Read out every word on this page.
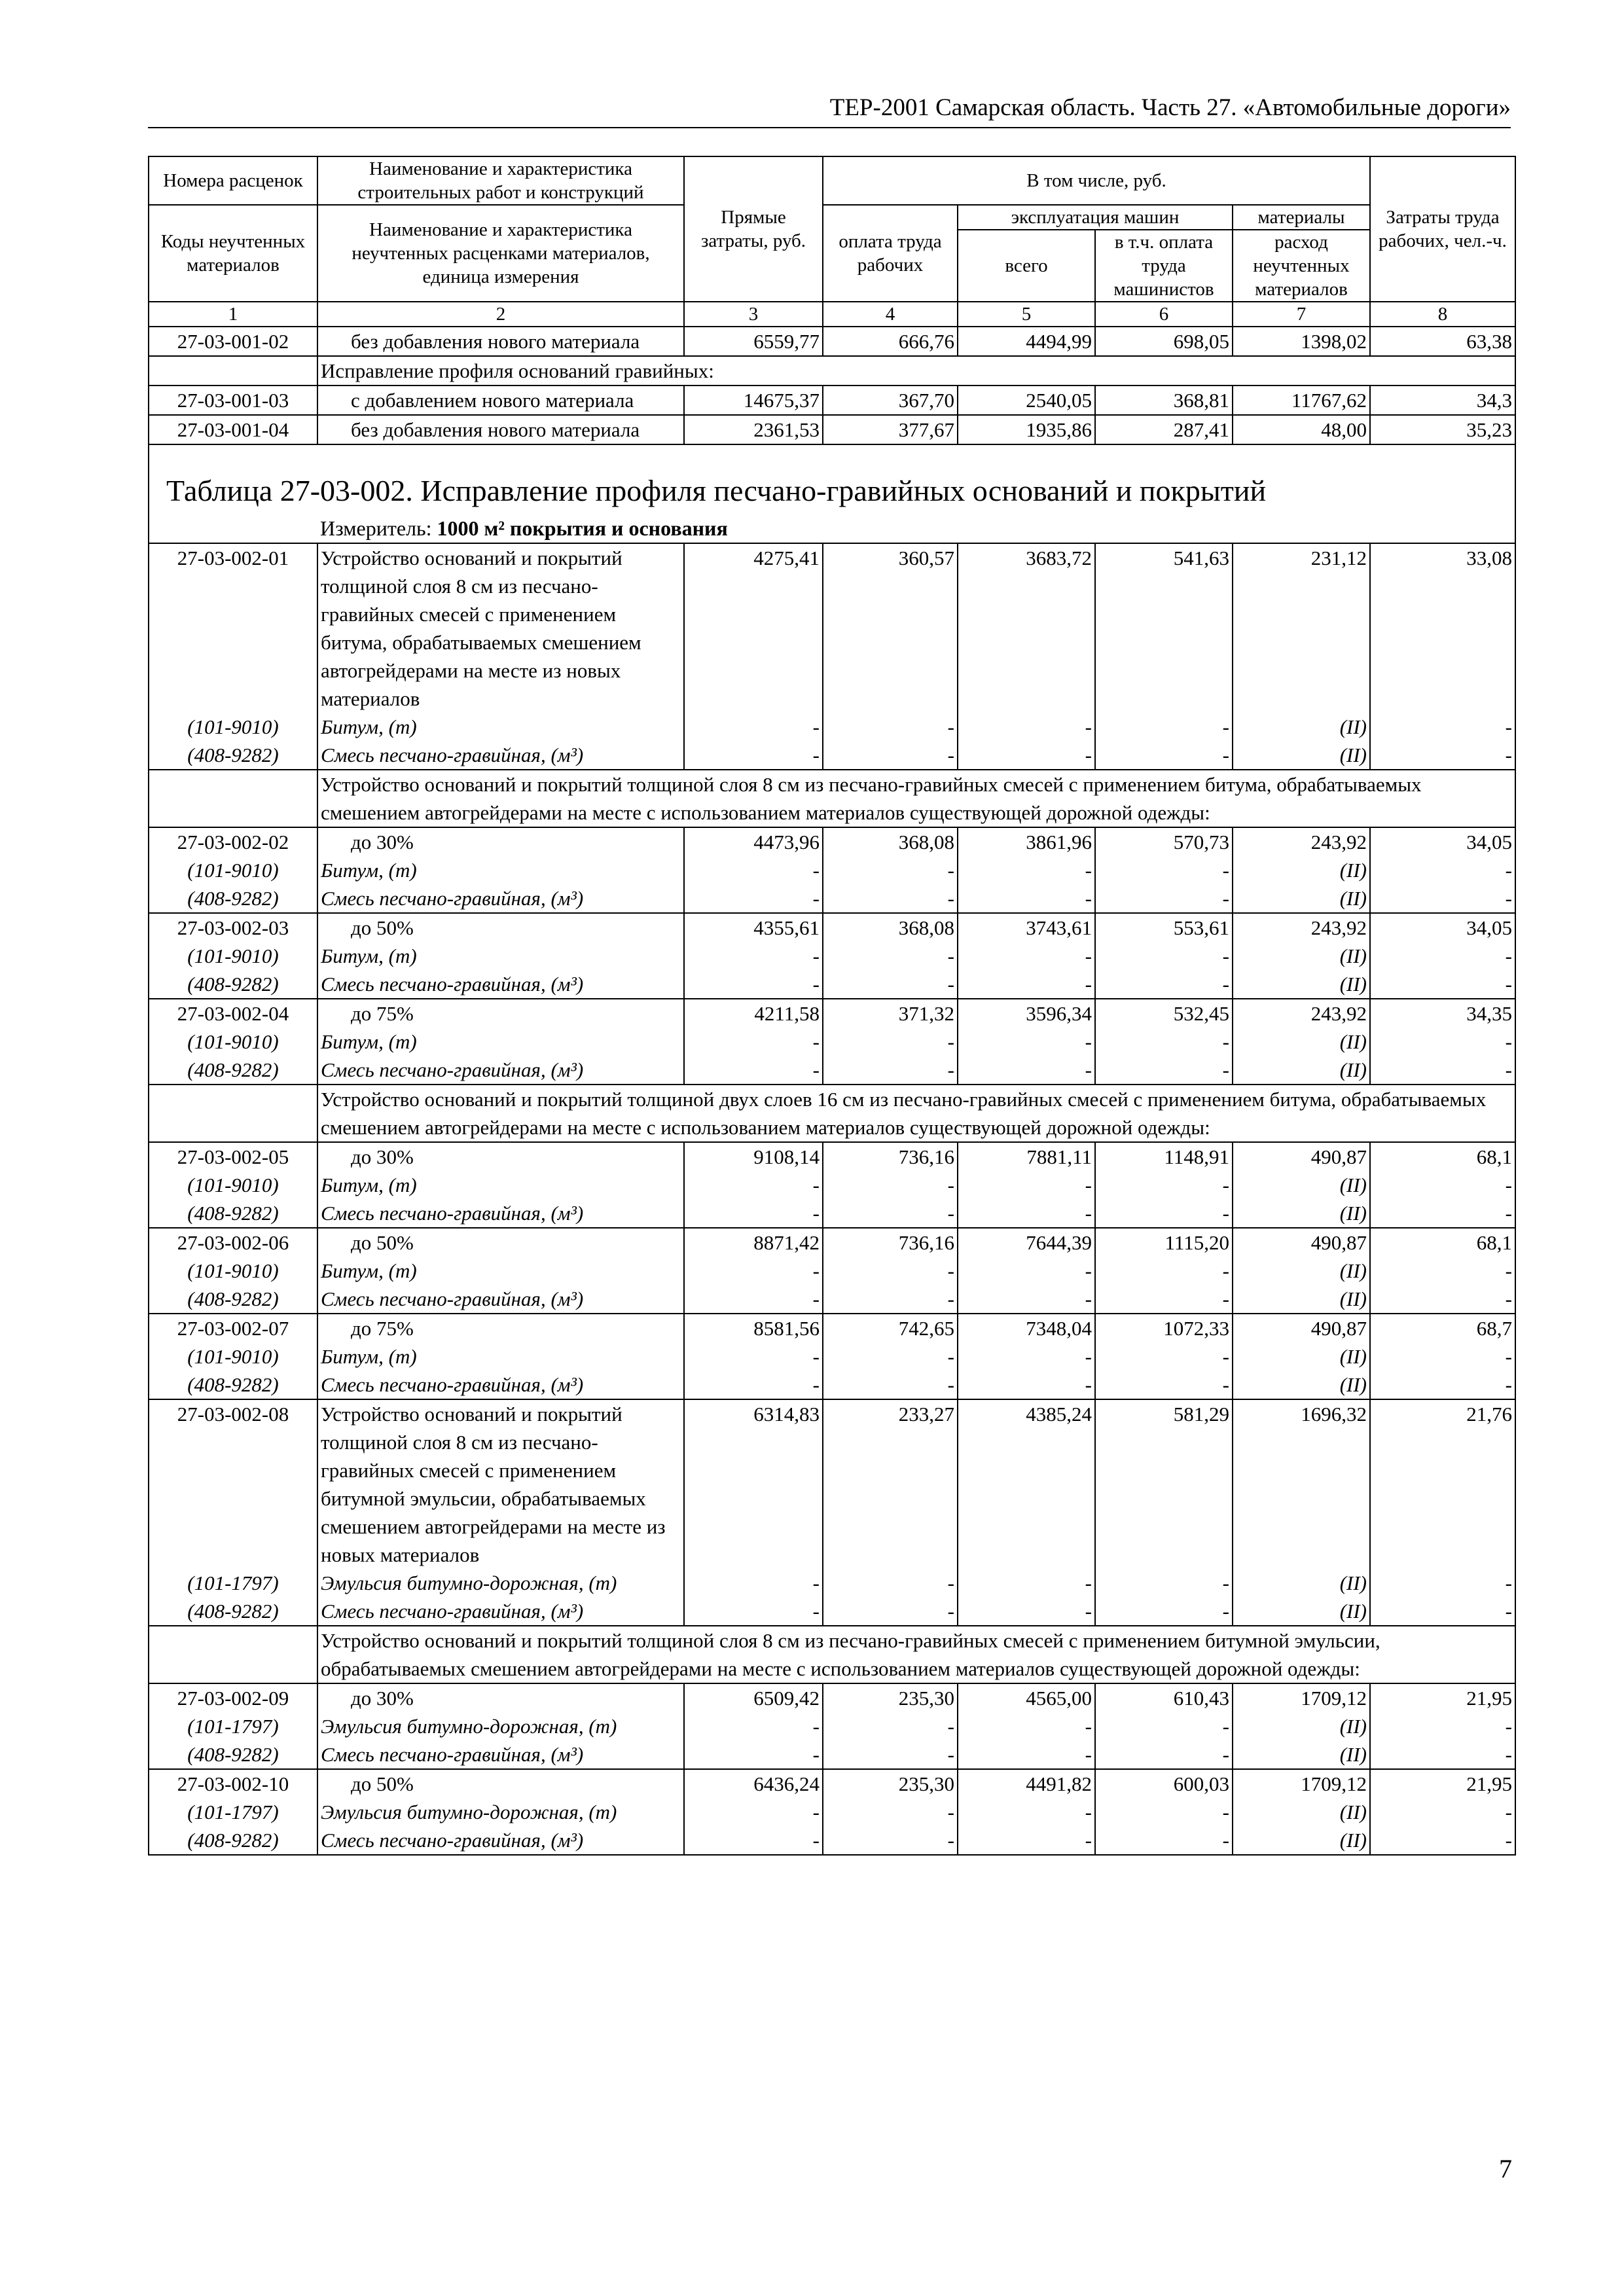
ТЕР-2001 Самарская область. Часть 27. «Автомобильные дороги»
Номера расценок	Наименование и характеристика строительных работ и конструкций	Прямые затраты, руб.	В том числе, руб.				Затраты труда рабочих, чел.-ч.
Коды неучтенных материалов	Наименование и характеристика неучтенных расценками материалов, единица измерения		оплата труда рабочих	эксплуатация машин		материалы	
				всего	в т.ч. оплата труда машинистов	расход неучтенных материалов	
1	2	3	4	5	6	7	8
27-03-001-02	без добавления нового материала	6559,77	666,76	4494,99	698,05	1398,02	63,38
	Исправление профиля оснований гравийных:						
27-03-001-03	с добавлением нового материала	14675,37	367,70	2540,05	368,81	11767,62	34,3
27-03-001-04	без добавления нового материала	2361,53	377,67	1935,86	287,41	48,00	35,23
Таблица 27-03-002. Исправление профиля песчано-гравийных оснований и покрытий							
	Измеритель: 1000 м² покрытия и основания						
27-03-002-01	Устройство оснований и покрытий толщиной слоя 8 см из песчано-гравийных смесей с применением битума, обрабатываемых смешением автогрейдерами на месте из новых материалов	4275,41	360,57	3683,72	541,63	231,12	33,08
(101-9010)	Битум, (т)	-	-	-	-	(II)	-
(408-9282)	Смесь песчано-гравийная, (м³)	-	-	-	-	(II)	-
	Устройство оснований и покрытий толщиной слоя 8 см из песчано-гравийных смесей с применением битума, обрабатываемых смешением автогрейдерами на месте с использованием материалов существующей дорожной одежды:						
27-03-002-02	до 30%	4473,96	368,08	3861,96	570,73	243,92	34,05
(101-9010)	Битум, (т)	-	-	-	-	(II)	-
(408-9282)	Смесь песчано-гравийная, (м³)	-	-	-	-	(II)	-
27-03-002-03	до 50%	4355,61	368,08	3743,61	553,61	243,92	34,05
(101-9010)	Битум, (т)	-	-	-	-	(II)	-
(408-9282)	Смесь песчано-гравийная, (м³)	-	-	-	-	(II)	-
27-03-002-04	до 75%	4211,58	371,32	3596,34	532,45	243,92	34,35
(101-9010)	Битум, (т)	-	-	-	-	(II)	-
(408-9282)	Смесь песчано-гравийная, (м³)	-	-	-	-	(II)	-
	Устройство оснований и покрытий толщиной двух слоев 16 см из песчано-гравийных смесей с применением битума, обрабатываемых смешением автогрейдерами на месте с использованием материалов существующей дорожной одежды:						
27-03-002-05	до 30%	9108,14	736,16	7881,11	1148,91	490,87	68,1
(101-9010)	Битум, (т)	-	-	-	-	(II)	-
(408-9282)	Смесь песчано-гравийная, (м³)	-	-	-	-	(II)	-
27-03-002-06	до 50%	8871,42	736,16	7644,39	1115,20	490,87	68,1
(101-9010)	Битум, (т)	-	-	-	-	(II)	-
(408-9282)	Смесь песчано-гравийная, (м³)	-	-	-	-	(II)	-
27-03-002-07	до 75%	8581,56	742,65	7348,04	1072,33	490,87	68,7
(101-9010)	Битум, (т)	-	-	-	-	(II)	-
(408-9282)	Смесь песчано-гравийная, (м³)	-	-	-	-	(II)	-
27-03-002-08	Устройство оснований и покрытий толщиной слоя 8 см из песчано-гравийных смесей с применением битумной эмульсии, обрабатываемых смешением автогрейдерами на месте из новых материалов	6314,83	233,27	4385,24	581,29	1696,32	21,76
(101-1797)	Эмульсия битумно-дорожная, (т)	-	-	-	-	(II)	-
(408-9282)	Смесь песчано-гравийная, (м³)	-	-	-	-	(II)	-
	Устройство оснований и покрытий толщиной слоя 8 см из песчано-гравийных смесей с применением битумной эмульсии, обрабатываемых смешением автогрейдерами на месте с использованием материалов существующей дорожной одежды:						
27-03-002-09	до 30%	6509,42	235,30	4565,00	610,43	1709,12	21,95
(101-1797)	Эмульсия битумно-дорожная, (т)	-	-	-	-	(II)	-
(408-9282)	Смесь песчано-гравийная, (м³)	-	-	-	-	(II)	-
27-03-002-10	до 50%	6436,24	235,30	4491,82	600,03	1709,12	21,95
(101-1797)	Эмульсия битумно-дорожная, (т)	-	-	-	-	(II)	-
(408-9282)	Смесь песчано-гравийная, (м³)	-	-	-	-	(II)	-
7
